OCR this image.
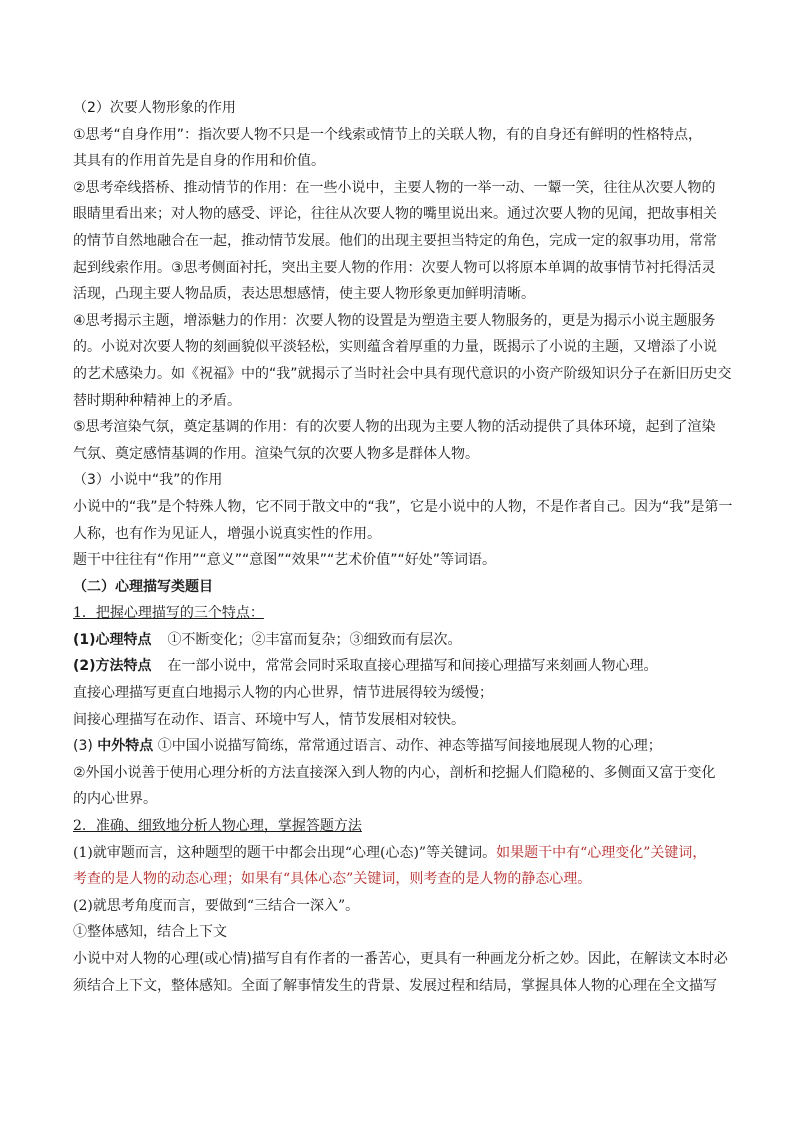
（2）次要人物形象的作用
①思考“自身作用”：指次要人物不只是一个线索或情节上的关联人物，有的自身还有鲜明的性格特点，
其具有的作用首先是自身的作用和价值。
②思考牵线搭桥、推动情节的作用：在一些小说中，主要人物的一举一动、一颦一笑，往往从次要人物的
眼睛里看出来；对人物的感受、评论，往往从次要人物的嘴里说出来。通过次要人物的见闻，把故事相关
的情节自然地融合在一起，推动情节发展。他们的出现主要担当特定的角色，完成一定的叙事功用，常常
起到线索作用。③思考侧面衬托，突出主要人物的作用：次要人物可以将原本单调的故事情节衬托得活灵
活现，凸现主要人物品质，表达思想感情，使主要人物形象更加鲜明清晰。
④思考揭示主题，增添魅力的作用：次要人物的设置是为塑造主要人物服务的，更是为揭示小说主题服务
的。小说对次要人物的刻画貌似平淡轻松，实则蕴含着厚重的力量，既揭示了小说的主题，又增添了小说
的艺术感染力。如《祝福》中的“我”就揭示了当时社会中具有现代意识的小资产阶级知识分子在新旧历史交
替时期种种精神上的矛盾。
⑤思考渲染气氛，奠定基调的作用：有的次要人物的出现为主要人物的活动提供了具体环境，起到了渲染
气氛、奠定感情基调的作用。渲染气氛的次要人物多是群体人物。
（3）小说中“我”的作用
小说中的“我”是个特殊人物，它不同于散文中的“我”，它是小说中的人物，不是作者自己。因为“我”是第一
人称，也有作为见证人，增强小说真实性的作用。
题干中往往有“作用”“意义”“意图”“效果”“艺术价值”“好处”等词语。
（二）心理描写类题目
1．把握心理描写的三个特点：
(1)心理特点 ①不断变化；②丰富而复杂；③细致而有层次。
(2)方法特点 在一部小说中，常常会同时采取直接心理描写和间接心理描写来刻画人物心理。
直接心理描写更直白地揭示人物的内心世界，情节进展得较为缓慢；
间接心理描写在动作、语言、环境中写人，情节发展相对较快。
(3) 中外特点 ①中国小说描写简练，常常通过语言、动作、神态等描写间接地展现人物的心理；
②外国小说善于使用心理分析的方法直接深入到人物的内心，剖析和挖掘人们隐秘的、多侧面又富于变化
的内心世界。
2．准确、细致地分析人物心理，掌握答题方法
(1)就审题而言，这种题型的题干中都会出现“心理(心态)”等关键词。如果题干中有“心理变化”关键词，
考查的是人物的动态心理；如果有“具体心态”关键词，则考查的是人物的静态心理。
(2)就思考角度而言，要做到“三结合一深入”。
①整体感知，结合上下文
小说中对人物的心理(或心情)描写自有作者的一番苦心，更具有一种画龙分析之妙。因此，在解读文本时必
须结合上下文，整体感知。全面了解事情发生的背景、发展过程和结局，掌握具体人物的心理在全文描写
